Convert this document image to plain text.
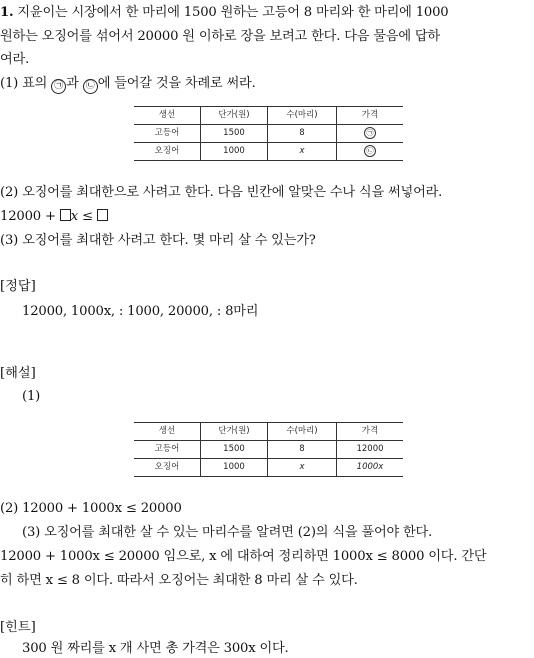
1. 지윤이는 시장에서 한 마리에 1500 원하는 고등어 8 마리와 한 마리에 1000
원하는 오징어를 섞어서 20000 원 이하로 장을 보려고 한다. 다음 물음에 답하
여라.
(1) 표의 ㉠ 과 ㉡ 에 들어갈 것을 차례로 써라.
생선	단가(원)	수(마리)	가격
고등어	1500	8	㉠
오징어	1000	x	㉡
(2) 오징어를 최대한으로 사려고 한다. 다음 빈칸에 알맞은 수나 식을 써넣어라.
12000 + x ≤
(3) 오징어를 최대한 사려고 한다. 몇 마리 살 수 있는가?
[정답]
12000, 1000x, : 1000, 20000, : 8마리
[해설]
(1)
생선	단가(원)	수(마리)	가격
고등어	1500	8	12000
오징어	1000	x	1000x
(2) 12000 + 1000x ≤ 20000
(3) 오징어를 최대한 살 수 있는 마리수를 알려면 (2)의 식을 풀어야 한다.
12000 + 1000x ≤ 20000 임으로, x 에 대하여 정리하면 1000x ≤ 8000 이다. 간단
히 하면 x ≤ 8 이다. 따라서 오징어는 최대한 8 마리 살 수 있다.
[힌트]
300 원 짜리를 x 개 사면 총 가격은 300x 이다.
